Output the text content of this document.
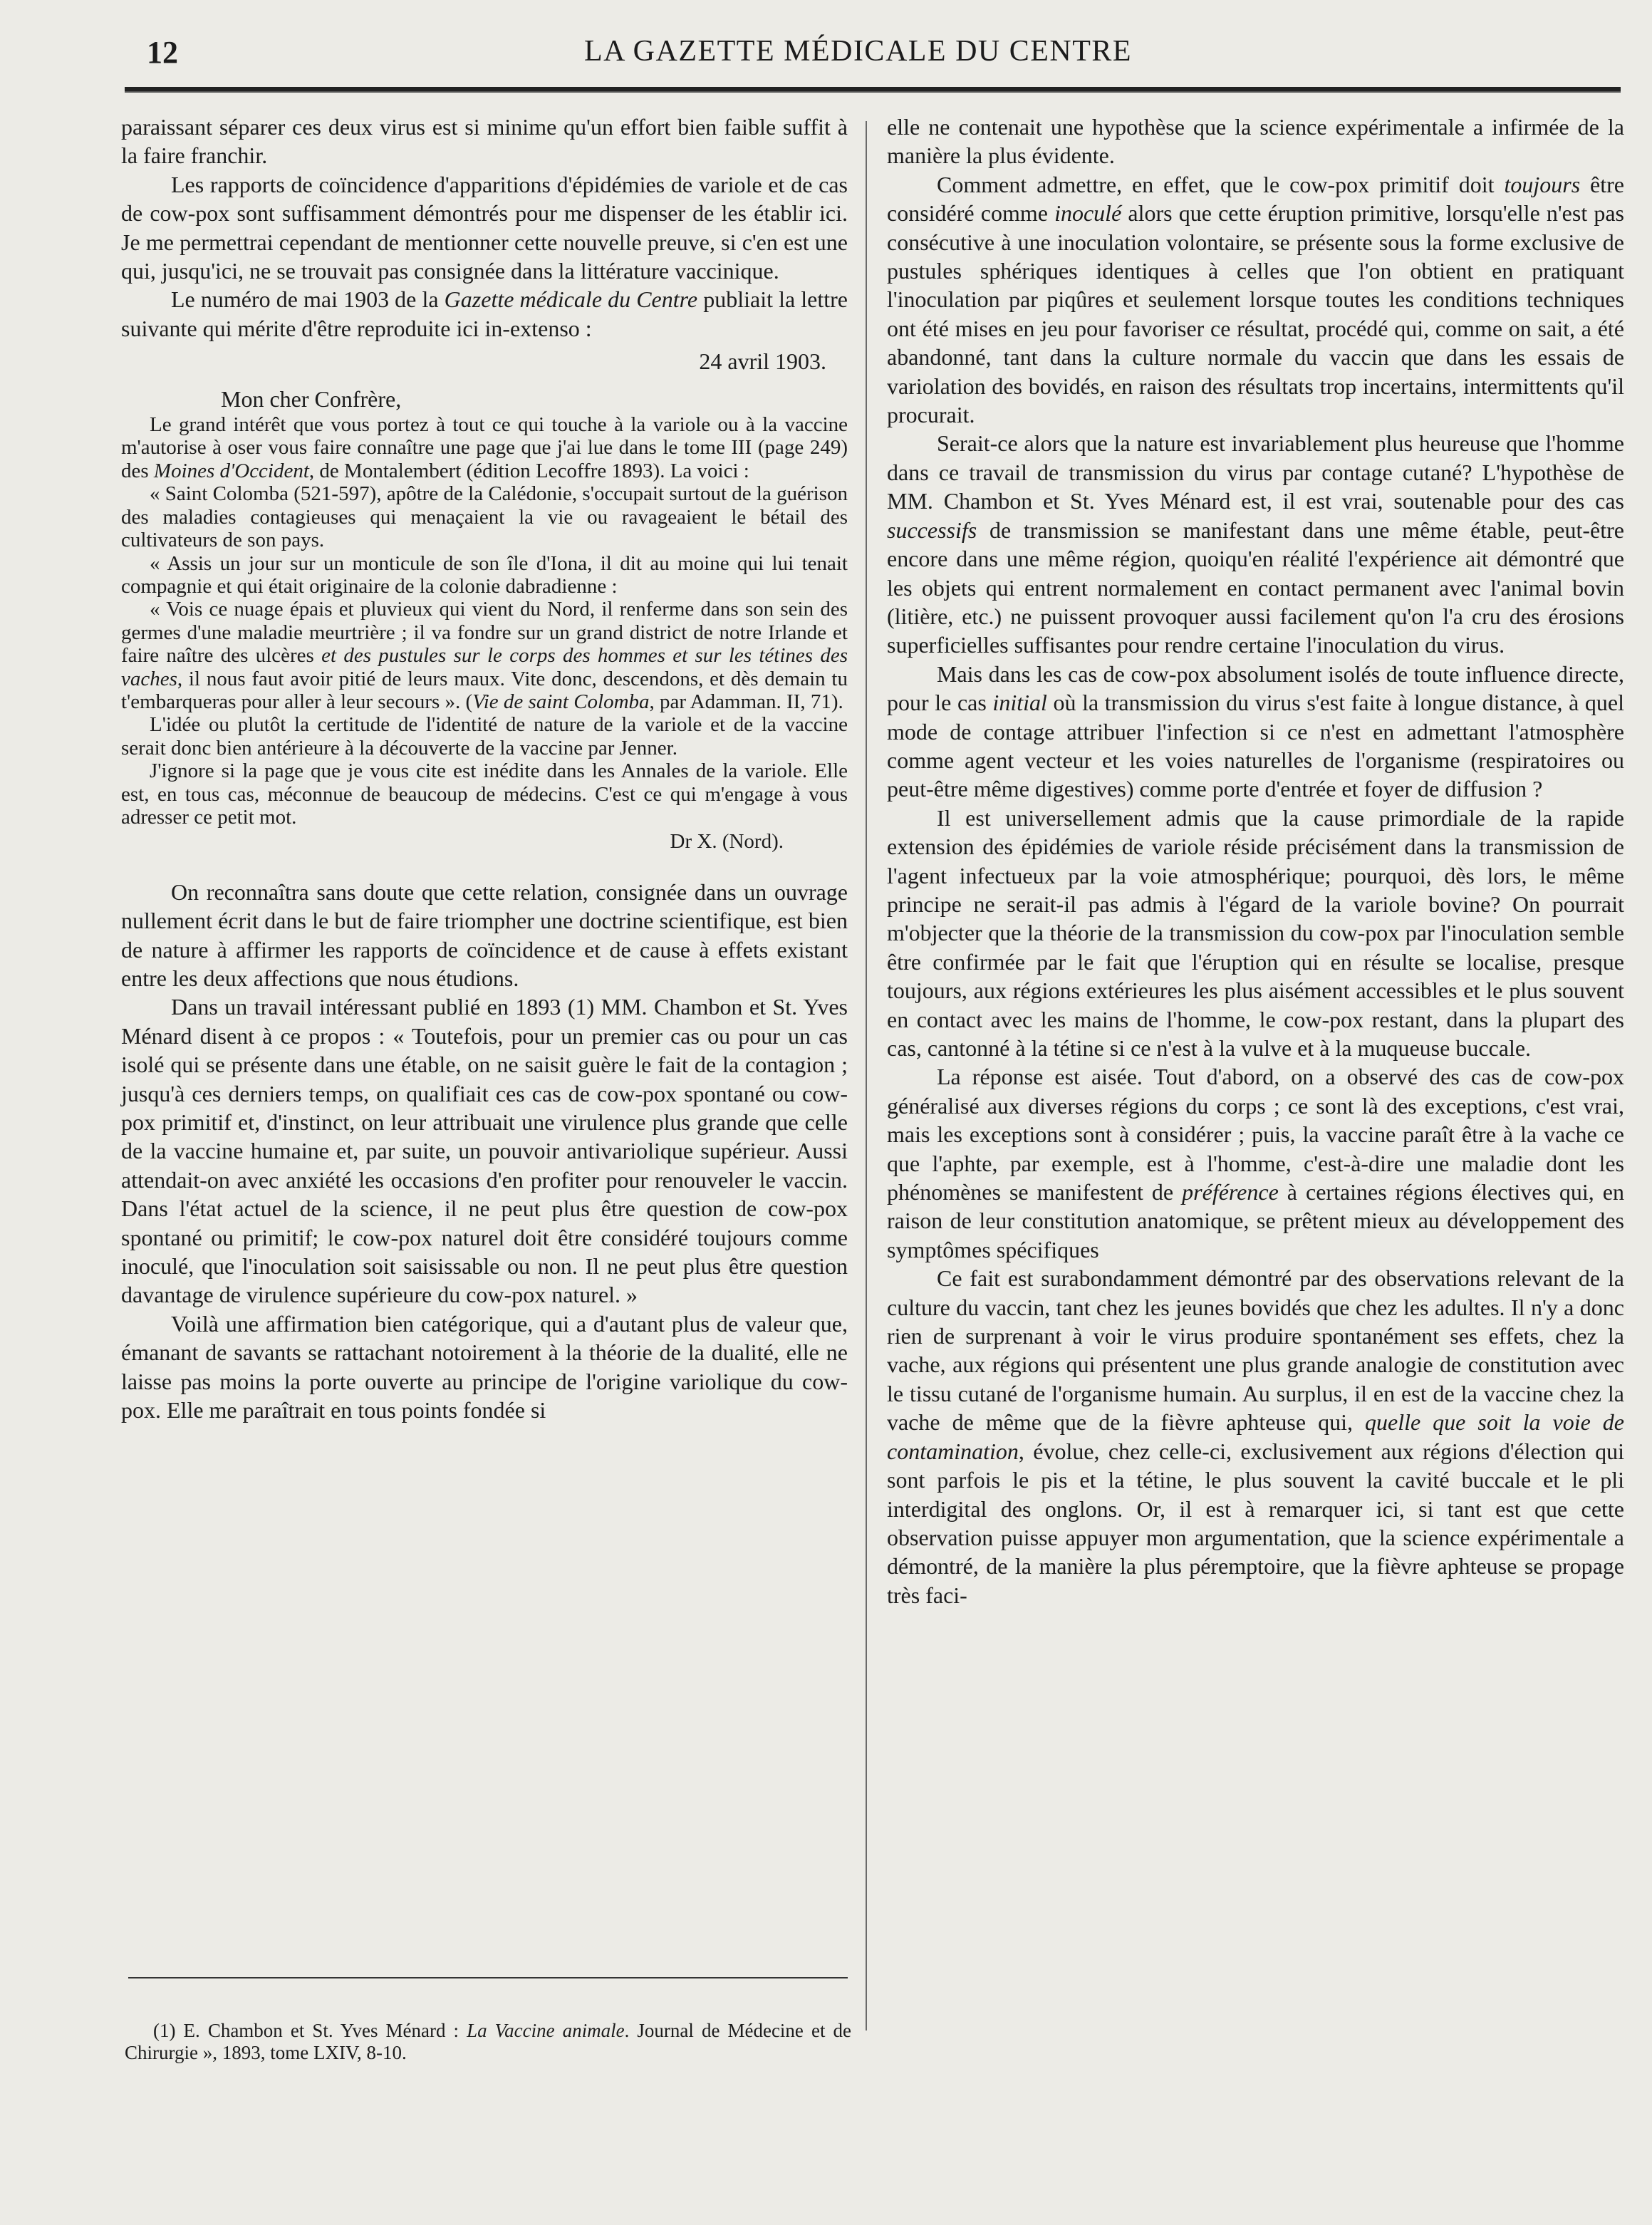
12	LA GAZETTE MÉDICALE DU CENTRE

paraissant séparer ces deux virus est si minime qu'un effort bien faible suffit à la faire franchir.

Les rapports de coïncidence d'apparitions d'épidémies de variole et de cas de cow-pox sont suffisamment démontrés pour me dispenser de les établir ici. Je me permettrai cependant de mentionner cette nouvelle preuve, si c'en est une qui, jusqu'ici, ne se trouvait pas consignée dans la littérature vaccinique.

Le numéro de mai 1903 de la Gazette médicale du Centre publiait la lettre suivante qui mérite d'être reproduite ici in-extenso :

24 avril 1903.

Mon cher Confrère,

Le grand intérêt que vous portez à tout ce qui touche à la variole ou à la vaccine m'autorise à oser vous faire connaître une page que j'ai lue dans le tome III (page 249) des Moines d'Occident, de Montalembert (édition Lecoffre 1893). La voici :

« Saint Colomba (521-597), apôtre de la Calédonie, s'occupait surtout de la guérison des maladies contagieuses qui menaçaient la vie ou ravageaient le bétail des cultivateurs de son pays.

« Assis un jour sur un monticule de son île d'Iona, il dit au moine qui lui tenait compagnie et qui était originaire de la colonie dabradienne :

« Vois ce nuage épais et pluvieux qui vient du Nord, il renferme dans son sein des germes d'une maladie meurtrière ; il va fondre sur un grand district de notre Irlande et faire naître des ulcères et des pustules sur le corps des hommes et sur les tétines des vaches, il nous faut avoir pitié de leurs maux. Vite donc, descendons, et dès demain tu t'embarqueras pour aller à leur secours ». (Vie de saint Colomba, par Adamman. II, 71).

L'idée ou plutôt la certitude de l'identité de nature de la variole et de la vaccine serait donc bien antérieure à la découverte de la vaccine par Jenner.

J'ignore si la page que je vous cite est inédite dans les Annales de la variole. Elle est, en tous cas, méconnue de beaucoup de médecins. C'est ce qui m'engage à vous adresser ce petit mot.

Dr X. (Nord).

On reconnaîtra sans doute que cette relation, consignée dans un ouvrage nullement écrit dans le but de faire triompher une doctrine scientifique, est bien de nature à affirmer les rapports de coïncidence et de cause à effets existant entre les deux affections que nous étudions.

Dans un travail intéressant publié en 1893 (1) MM. Chambon et St. Yves Ménard disent à ce propos : « Toutefois, pour un premier cas ou pour un cas isolé qui se présente dans une étable, on ne saisit guère le fait de la contagion ; jusqu'à ces derniers temps, on qualifiait ces cas de cow-pox spontané ou cow-pox primitif et, d'instinct, on leur attribuait une virulence plus grande que celle de la vaccine humaine et, par suite, un pouvoir antivariolique supérieur. Aussi attendait-on avec anxiété les occasions d'en profiter pour renouveler le vaccin. Dans l'état actuel de la science, il ne peut plus être question de cow-pox spontané ou primitif; le cow-pox naturel doit être considéré toujours comme inoculé, que l'inoculation soit saisissable ou non. Il ne peut plus être question davantage de virulence supérieure du cow-pox naturel. »

Voilà une affirmation bien catégorique, qui a d'autant plus de valeur que, émanant de savants se rattachant notoirement à la théorie de la dualité, elle ne laisse pas moins la porte ouverte au principe de l'origine variolique du cow-pox. Elle me paraîtrait en tous points fondée si

elle ne contenait une hypothèse que la science expérimentale a infirmée de la manière la plus évidente.

Comment admettre, en effet, que le cow-pox primitif doit toujours être considéré comme inoculé alors que cette éruption primitive, lorsqu'elle n'est pas consécutive à une inoculation volontaire, se présente sous la forme exclusive de pustules sphériques identiques à celles que l'on obtient en pratiquant l'inoculation par piqûres et seulement lorsque toutes les conditions techniques ont été mises en jeu pour favoriser ce résultat, procédé qui, comme on sait, a été abandonné, tant dans la culture normale du vaccin que dans les essais de variolation des bovidés, en raison des résultats trop incertains, intermittents qu'il procurait.

Serait-ce alors que la nature est invariablement plus heureuse que l'homme dans ce travail de transmission du virus par contage cutané? L'hypothèse de MM. Chambon et St. Yves Ménard est, il est vrai, soutenable pour des cas successifs de transmission se manifestant dans une même étable, peut-être encore dans une même région, quoiqu'en réalité l'expérience ait démontré que les objets qui entrent normalement en contact permanent avec l'animal bovin (litière, etc.) ne puissent provoquer aussi facilement qu'on l'a cru des érosions superficielles suffisantes pour rendre certaine l'inoculation du virus.

Mais dans les cas de cow-pox absolument isolés de toute influence directe, pour le cas initial où la transmission du virus s'est faite à longue distance, à quel mode de contage attribuer l'infection si ce n'est en admettant l'atmosphère comme agent vecteur et les voies naturelles de l'organisme (respiratoires ou peut-être même digestives) comme porte d'entrée et foyer de diffusion ?

Il est universellement admis que la cause primordiale de la rapide extension des épidémies de variole réside précisément dans la transmission de l'agent infectueux par la voie atmosphérique; pourquoi, dès lors, le même principe ne serait-il pas admis à l'égard de la variole bovine? On pourrait m'objecter que la théorie de la transmission du cow-pox par l'inoculation semble être confirmée par le fait que l'éruption qui en résulte se localise, presque toujours, aux régions extérieures les plus aisément accessibles et le plus souvent en contact avec les mains de l'homme, le cow-pox restant, dans la plupart des cas, cantonné à la tétine si ce n'est à la vulve et à la muqueuse buccale.

La réponse est aisée. Tout d'abord, on a observé des cas de cow-pox généralisé aux diverses régions du corps ; ce sont là des exceptions, c'est vrai, mais les exceptions sont à considérer ; puis, la vaccine paraît être à la vache ce que l'aphte, par exemple, est à l'homme, c'est-à-dire une maladie dont les phénomènes se manifestent de préférence à certaines régions électives qui, en raison de leur constitution anatomique, se prêtent mieux au développement des symptômes spécifiques

Ce fait est surabondamment démontré par des observations relevant de la culture du vaccin, tant chez les jeunes bovidés que chez les adultes. Il n'y a donc rien de surprenant à voir le virus produire spontanément ses effets, chez la vache, aux régions qui présentent une plus grande analogie de constitution avec le tissu cutané de l'organisme humain. Au surplus, il en est de la vaccine chez la vache de même que de la fièvre aphteuse qui, quelle que soit la voie de contamination, évolue, chez celle-ci, exclusivement aux régions d'élection qui sont parfois le pis et la tétine, le plus souvent la cavité buccale et le pli interdigital des onglons. Or, il est à remarquer ici, si tant est que cette observation puisse appuyer mon argumentation, que la science expérimentale a démontré, de la manière la plus péremptoire, que la fièvre aphteuse se propage très faci-

(1) E. Chambon et St. Yves Ménard : La Vaccine animale. Journal de Médecine et de Chirurgie », 1893, tome LXIV, 8-10.
